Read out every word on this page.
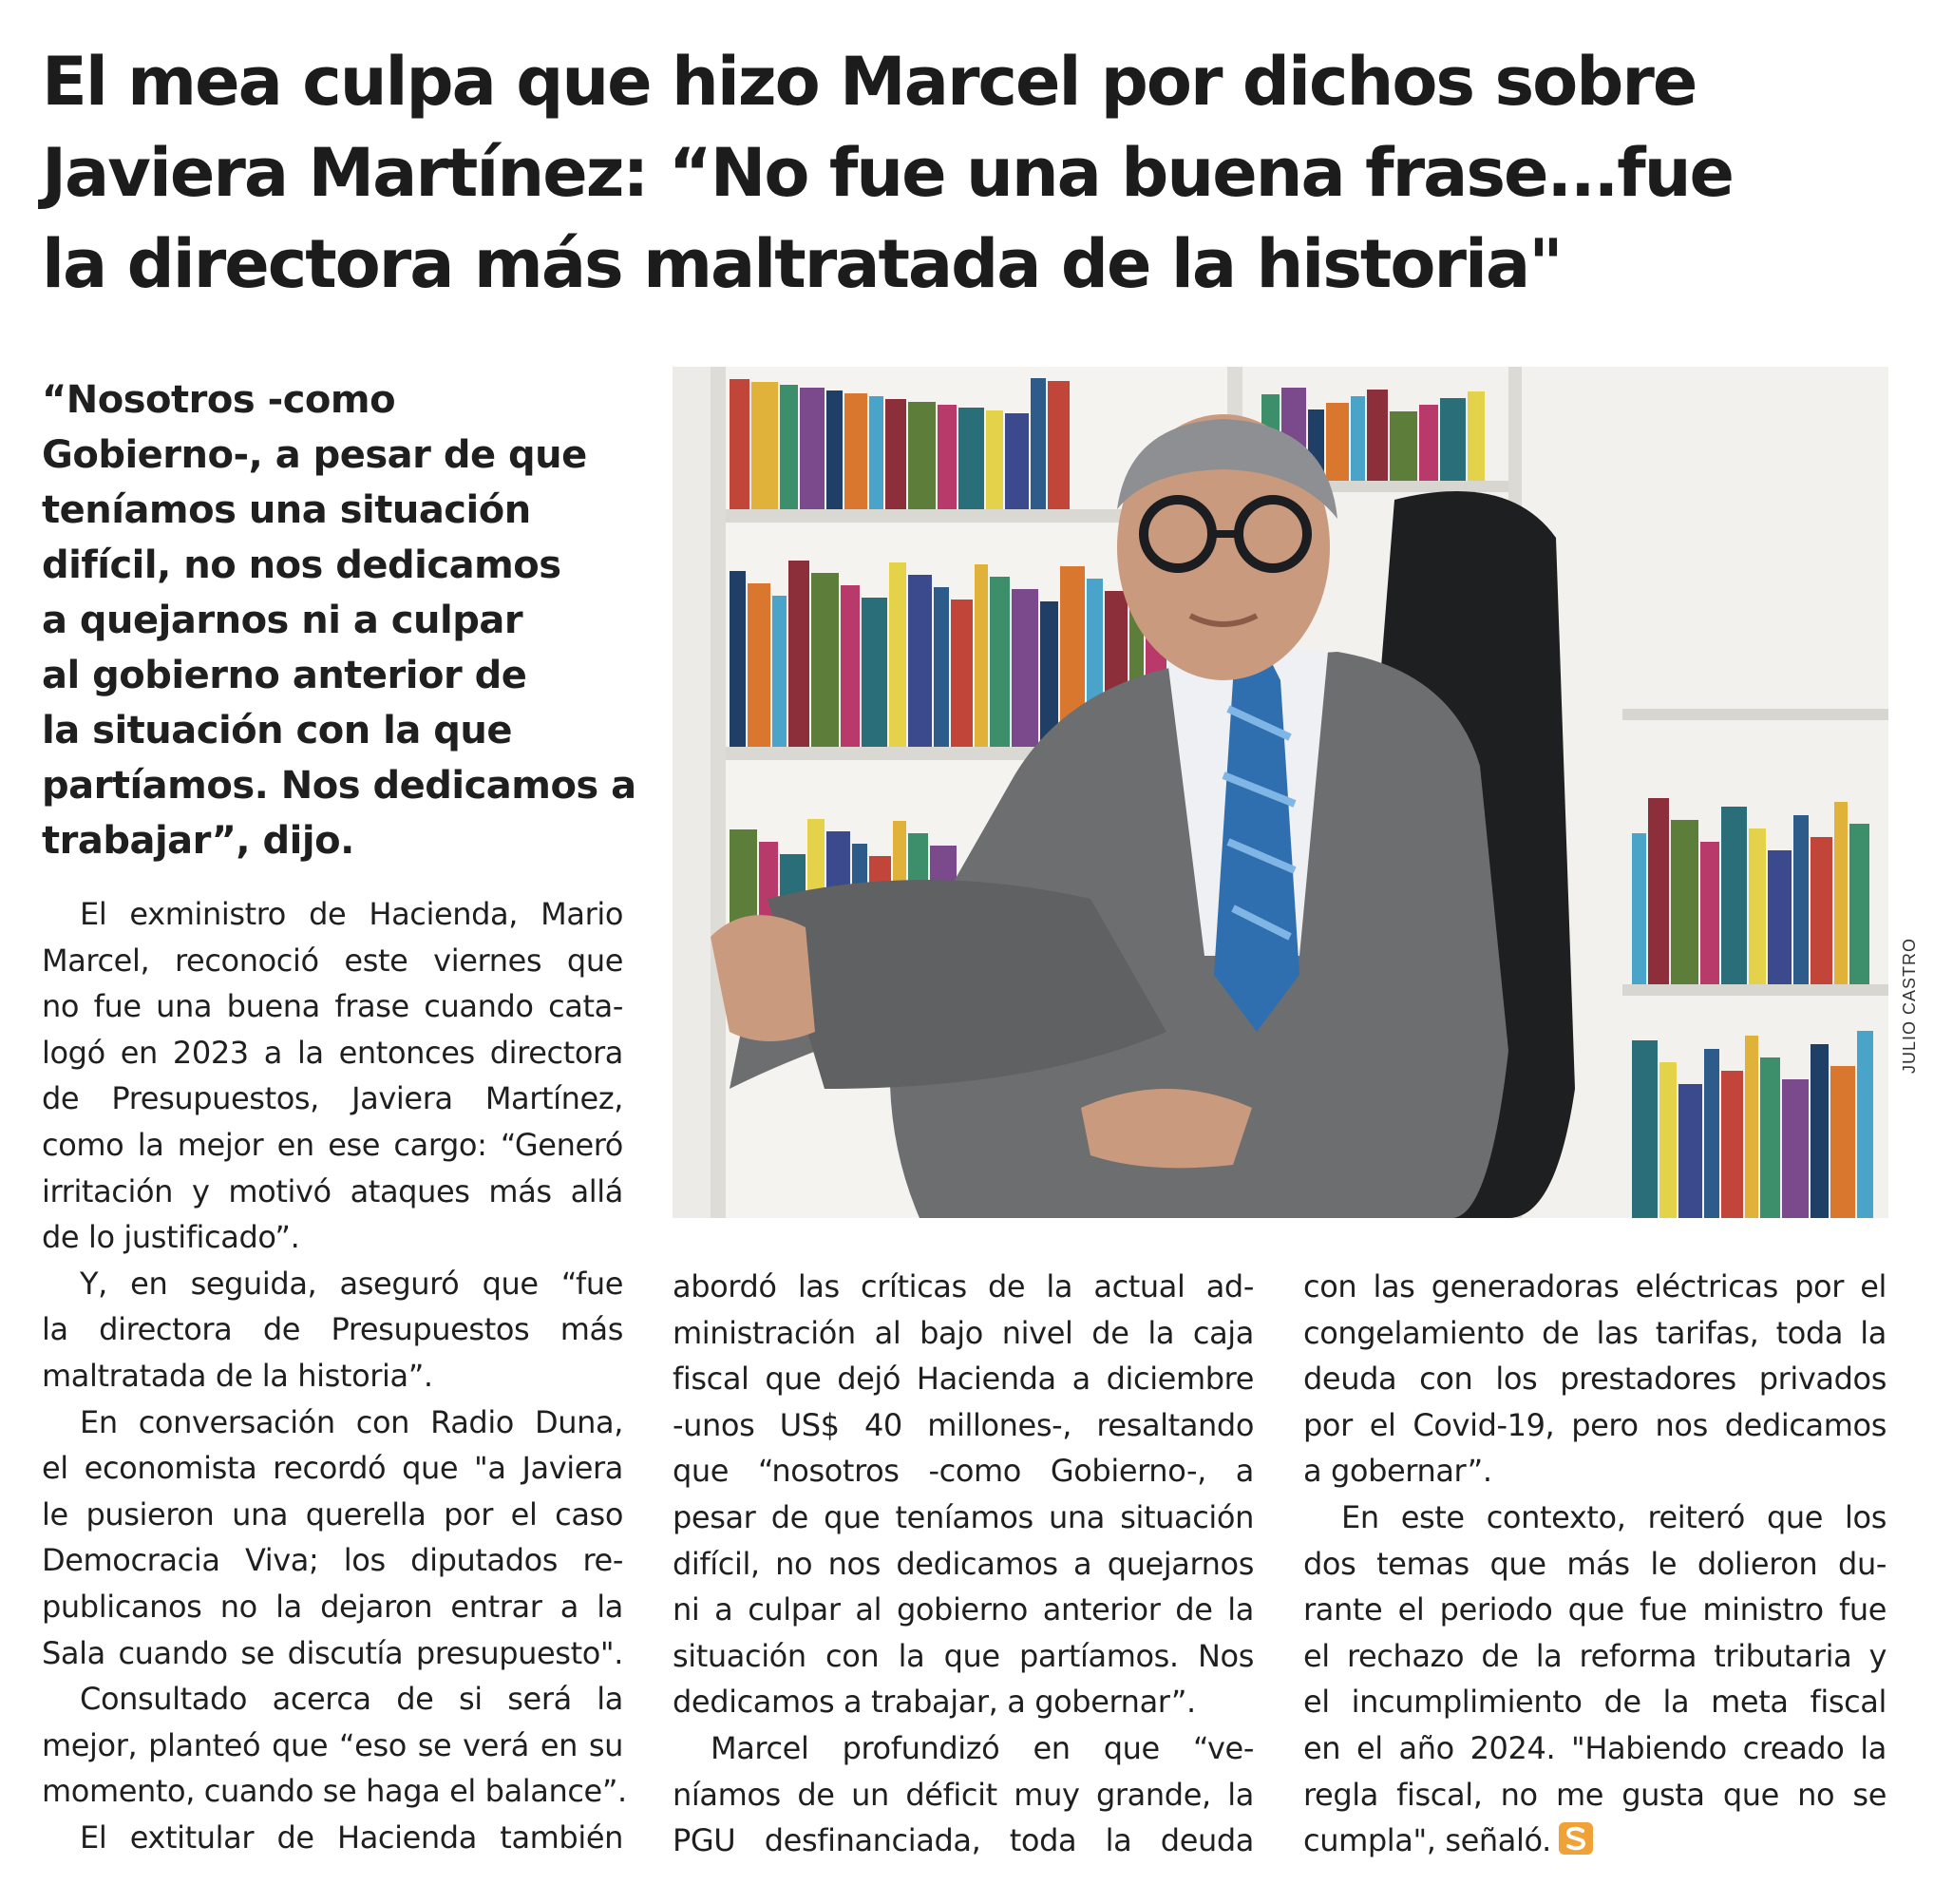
El mea culpa que hizo Marcel por dichos sobre
Javiera Martínez: “No fue una buena frase...fue
la directora más maltratada de la historia"
“Nosotros -como
Gobierno-, a pesar de que
teníamos una situación
difícil, no nos dedicamos
a quejarnos ni a culpar
al gobierno anterior de
la situación con la que
partíamos. Nos dedicamos a
trabajar”, dijo.
JULIO CASTRO
El exministro de Hacienda, Mario
Marcel, reconoció este viernes que
no fue una buena frase cuando cata-
logó en 2023 a la entonces directora
de Presupuestos, Javiera Martínez,
como la mejor en ese cargo: “Generó
irritación y motivó ataques más allá
de lo justificado”.
Y, en seguida, aseguró que “fue
la directora de Presupuestos más
maltratada de la historia”.
En conversación con Radio Duna,
el economista recordó que "a Javiera
le pusieron una querella por el caso
Democracia Viva; los diputados re-
publicanos no la dejaron entrar a la
Sala cuando se discutía presupuesto".
Consultado acerca de si será la
mejor, planteó que “eso se verá en su
momento, cuando se haga el balance”.
El extitular de Hacienda también
abordó las críticas de la actual ad-
ministración al bajo nivel de la caja
fiscal que dejó Hacienda a diciembre
-unos US$ 40 millones-, resaltando
que “nosotros -como Gobierno-, a
pesar de que teníamos una situación
difícil, no nos dedicamos a quejarnos
ni a culpar al gobierno anterior de la
situación con la que partíamos. Nos
dedicamos a trabajar, a gobernar”.
Marcel profundizó en que “ve-
níamos de un déficit muy grande, la
PGU desfinanciada, toda la deuda
con las generadoras eléctricas por el
congelamiento de las tarifas, toda la
deuda con los prestadores privados
por el Covid-19, pero nos dedicamos
a gobernar”.
En este contexto, reiteró que los
dos temas que más le dolieron du-
rante el periodo que fue ministro fue
el rechazo de la reforma tributaria y
el incumplimiento de la meta fiscal
en el año 2024. "Habiendo creado la
regla fiscal, no me gusta que no se
cumpla", señaló.
